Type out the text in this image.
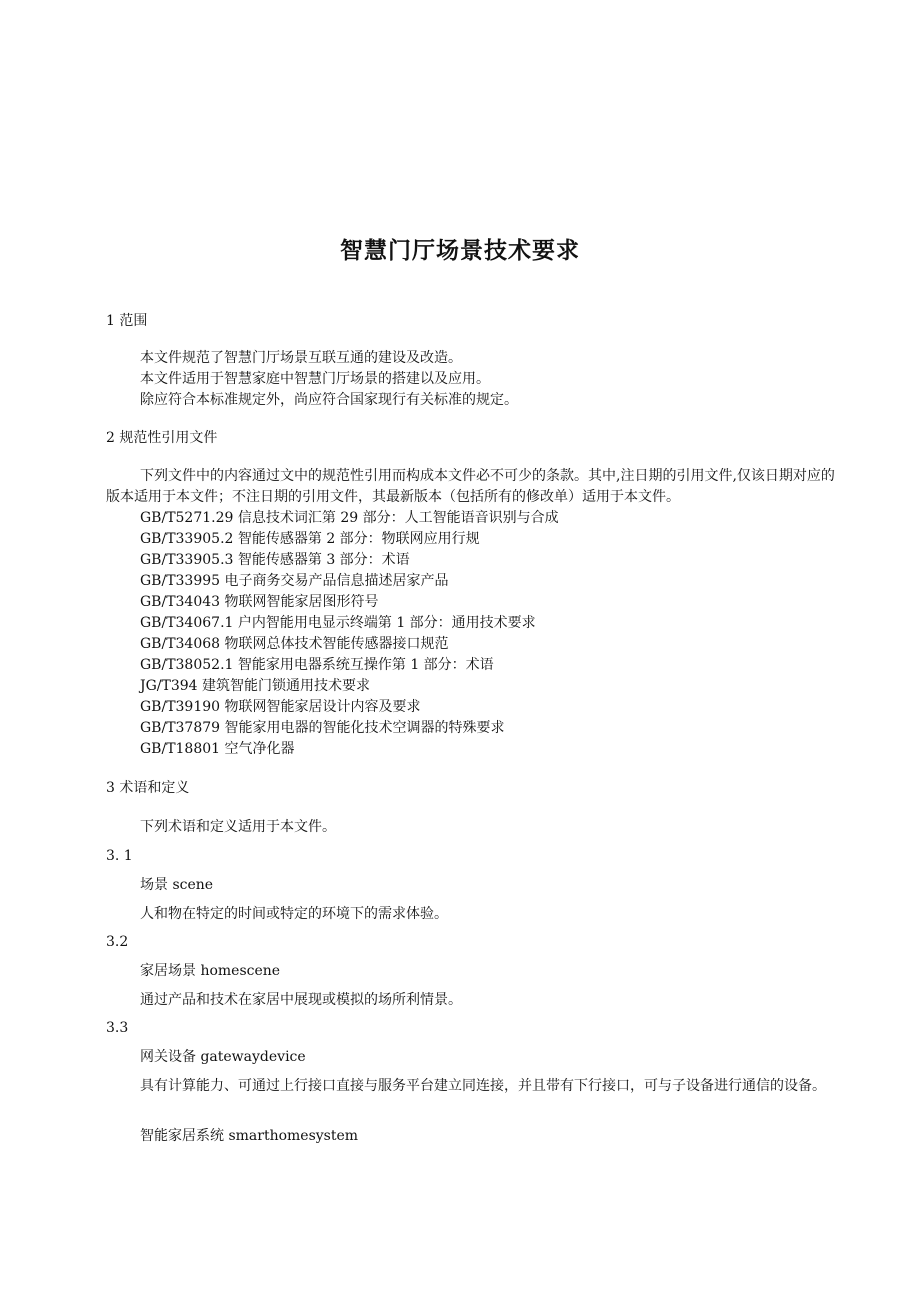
智慧门厅场景技术要求
1 范围
本文件规范了智慧门厅场景互联互通的建设及改造。
本文件适用于智慧家庭中智慧门厅场景的搭建以及应用。
除应符合本标准规定外，尚应符合国家现行有关标准的规定。
2 规范性引用文件
下列文件中的内容通过文中的规范性引用而构成本文件必不可少的条款。其中,注日期的引用文件,仅该日期对应的版本适用于本文件；不注日期的引用文件，其最新版本（包括所有的修改单）适用于本文件。
GB/T5271.29 信息技术词汇第 29 部分：人工智能语音识别与合成
GB/T33905.2 智能传感器第 2 部分：物联网应用行规
GB/T33905.3 智能传感器第 3 部分：术语
GB/T33995 电子商务交易产品信息描述居家产品
GB/T34043 物联网智能家居图形符号
GB/T34067.1 户内智能用电显示终端第 1 部分：通用技术要求
GB/T34068 物联网总体技术智能传感器接口规范
GB/T38052.1 智能家用电器系统互操作第 1 部分：术语
JG/T394 建筑智能门锁通用技术要求
GB/T39190 物联网智能家居设计内容及要求
GB/T37879 智能家用电器的智能化技术空调器的特殊要求
GB/T18801 空气净化器
3 术语和定义
下列术语和定义适用于本文件。
3. 1
场景 scene
人和物在特定的时间或特定的环境下的需求体验。
3.2
家居场景 homescene
通过产品和技术在家居中展现或模拟的场所利情景。
3.3
网关设备 gatewaydevice
具有计算能力、可通过上行接口直接与服务平台建立同连接，并且带有下行接口，可与子设备进行通信的设备。
智能家居系统 smarthomesystem
